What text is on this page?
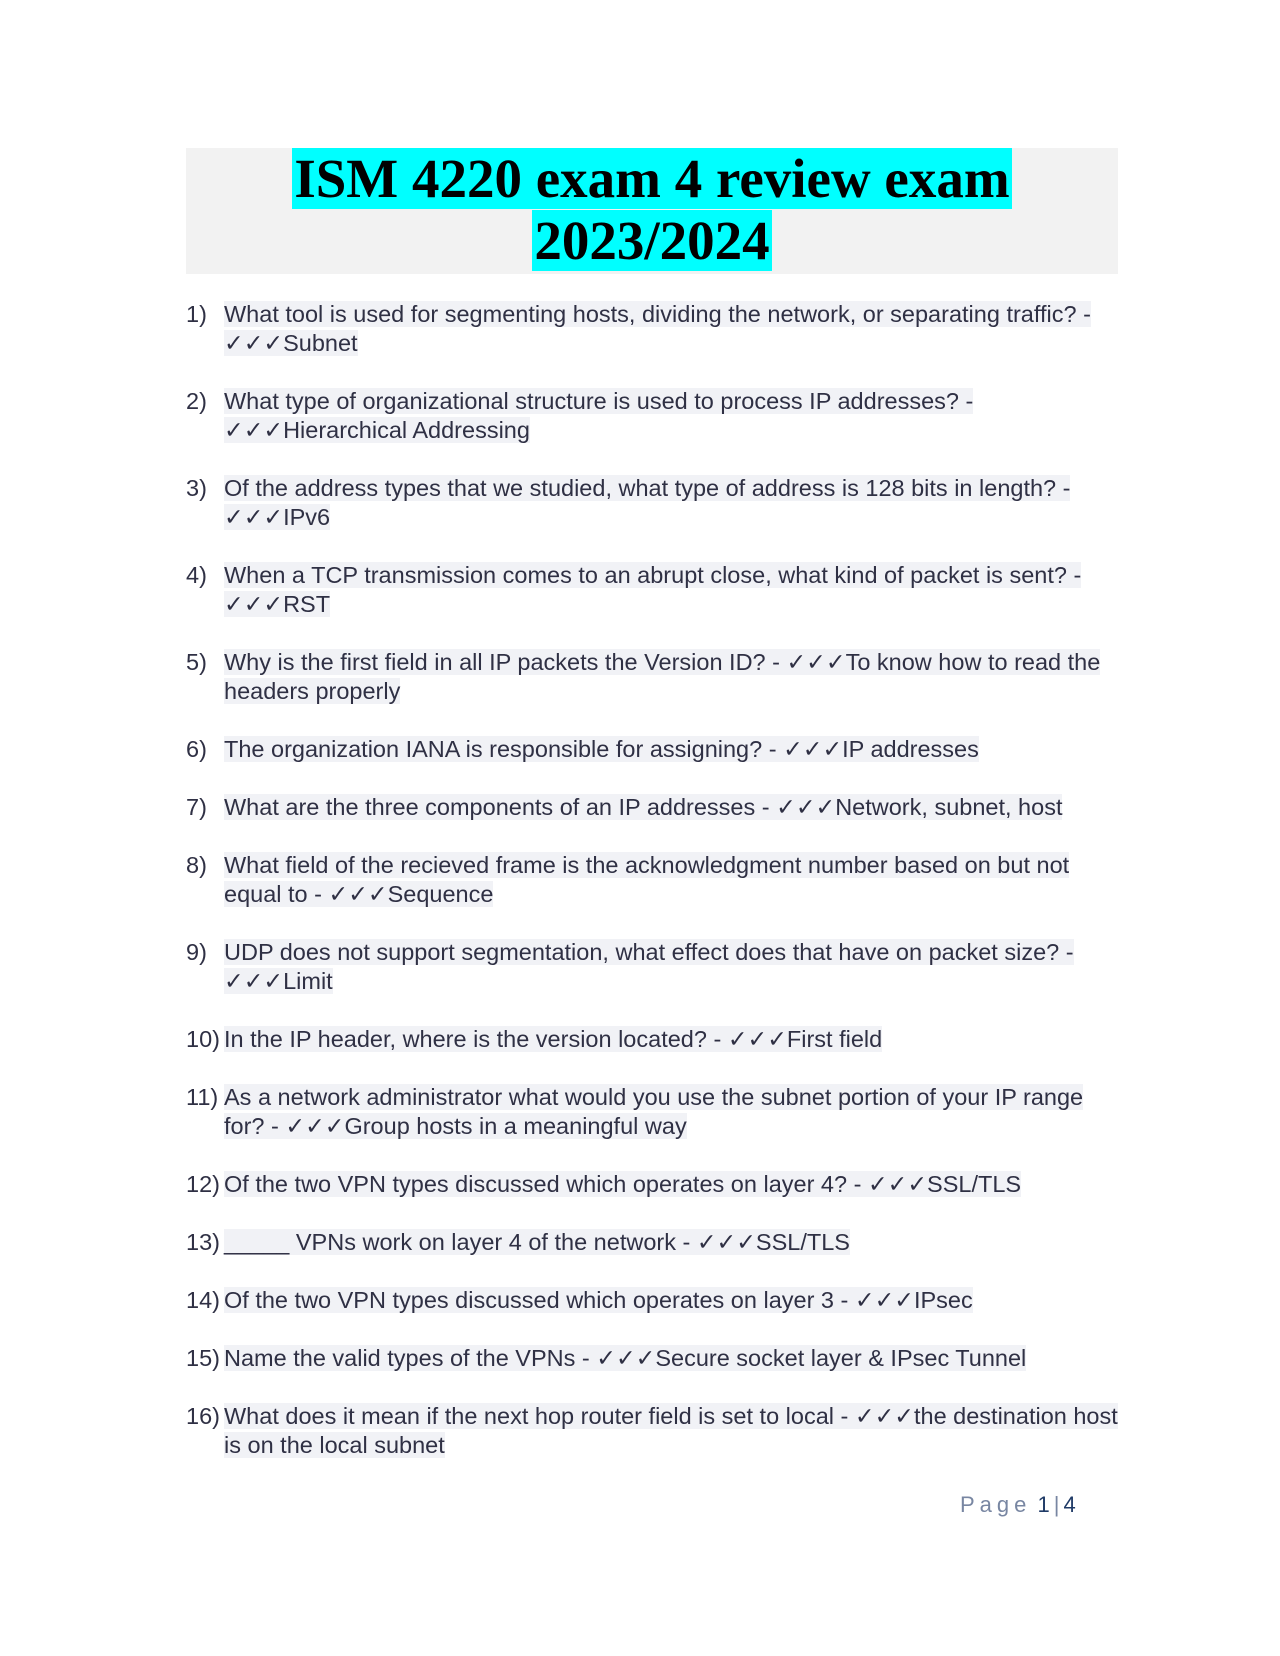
ISM 4220 exam 4 review exam
2023/2024
1) What tool is used for segmenting hosts, dividing the network, or separating traffic? - ✓✓✓Subnet
2) What type of organizational structure is used to process IP addresses? - ✓✓✓Hierarchical Addressing
3) Of the address types that we studied, what type of address is 128 bits in length? - ✓✓✓IPv6
4) When a TCP transmission comes to an abrupt close, what kind of packet is sent? - ✓✓✓RST
5) Why is the first field in all IP packets the Version ID? - ✓✓✓To know how to read the headers properly
6) The organization IANA is responsible for assigning? - ✓✓✓IP addresses
7) What are the three components of an IP addresses - ✓✓✓Network, subnet, host
8) What field of the recieved frame is the acknowledgment number based on but not equal to - ✓✓✓Sequence
9) UDP does not support segmentation, what effect does that have on packet size? - ✓✓✓Limit
10) In the IP header, where is the version located? - ✓✓✓First field
11) As a network administrator what would you use the subnet portion of your IP range for? - ✓✓✓Group hosts in a meaningful way
12) Of the two VPN types discussed which operates on layer 4? - ✓✓✓SSL/TLS
13) _____ VPNs work on layer 4 of the network - ✓✓✓SSL/TLS
14) Of the two VPN types discussed which operates on layer 3 - ✓✓✓IPsec
15) Name the valid types of the VPNs - ✓✓✓Secure socket layer & IPsec Tunnel
16) What does it mean if the next hop router field is set to local - ✓✓✓the destination host is on the local subnet
Page 1 | 4
